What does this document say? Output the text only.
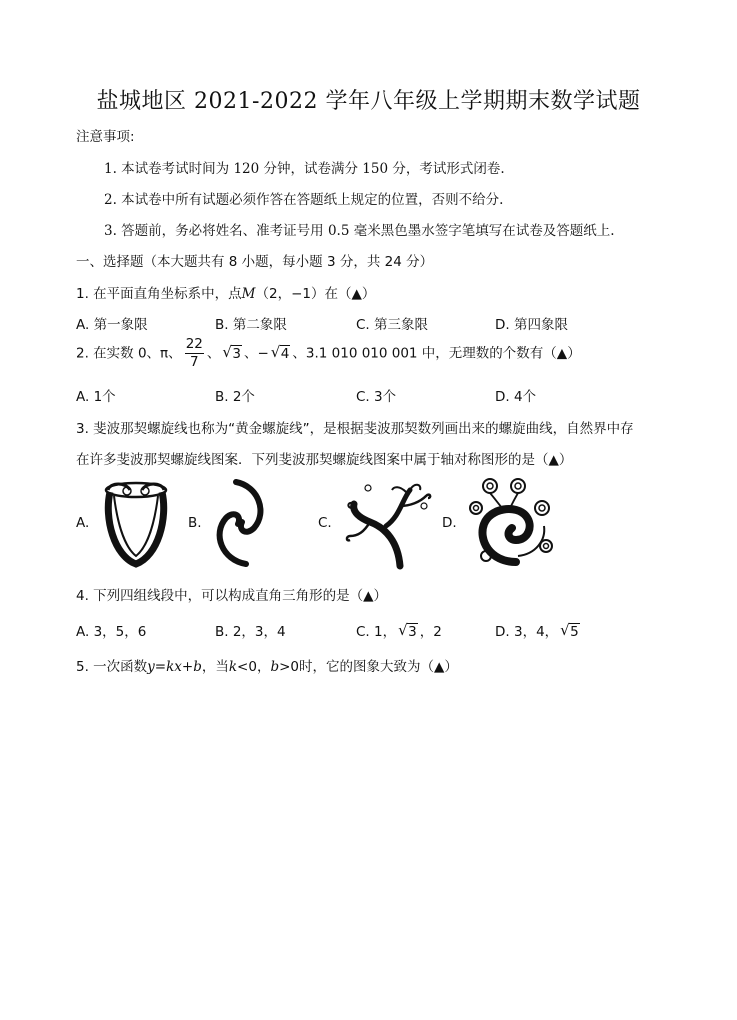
盐城地区 2021-2022 学年八年级上学期期末数学试题
注意事项:
1. 本试卷考试时间为 120 分钟，试卷满分 150 分，考试形式闭卷.
2. 本试卷中所有试题必须作答在答题纸上规定的位置，否则不给分.
3. 答题前，务必将姓名、准考证号用 0.5 毫米黑色墨水签字笔填写在试卷及答题纸上.
一、选择题（本大题共有 8 小题，每小题 3 分，共 24 分）
1. 在平面直角坐标系中，点M（2，−1）在（▲）
A. 第一象限	B. 第二象限	C. 第三象限	D. 第四象限
2. 在实数 0、π、 $\frac{22}{7}$ 、 √ 3 、− √ 4 、3.1 010 010 001 中，无理数的个数有（▲）
A. 1个	B. 2个	C. 3个	D. 4个
3. 斐波那契螺旋线也称为“黄金螺旋线”，是根据斐波那契数列画出来的螺旋曲线，自然界中存
在许多斐波那契螺旋线图案．下列斐波那契螺旋线图案中属于轴对称图形的是（▲）
A.	B.	C.	D.
4. 下列四组线段中，可以构成直角三角形的是（▲）
A. 3，5，6	B. 2，3，4	C. 1， √ 3 ，2	D. 3，4， √ 5
5. 一次函数y=kx+b，当k<0，b>0时，它的图象大致为（▲）
